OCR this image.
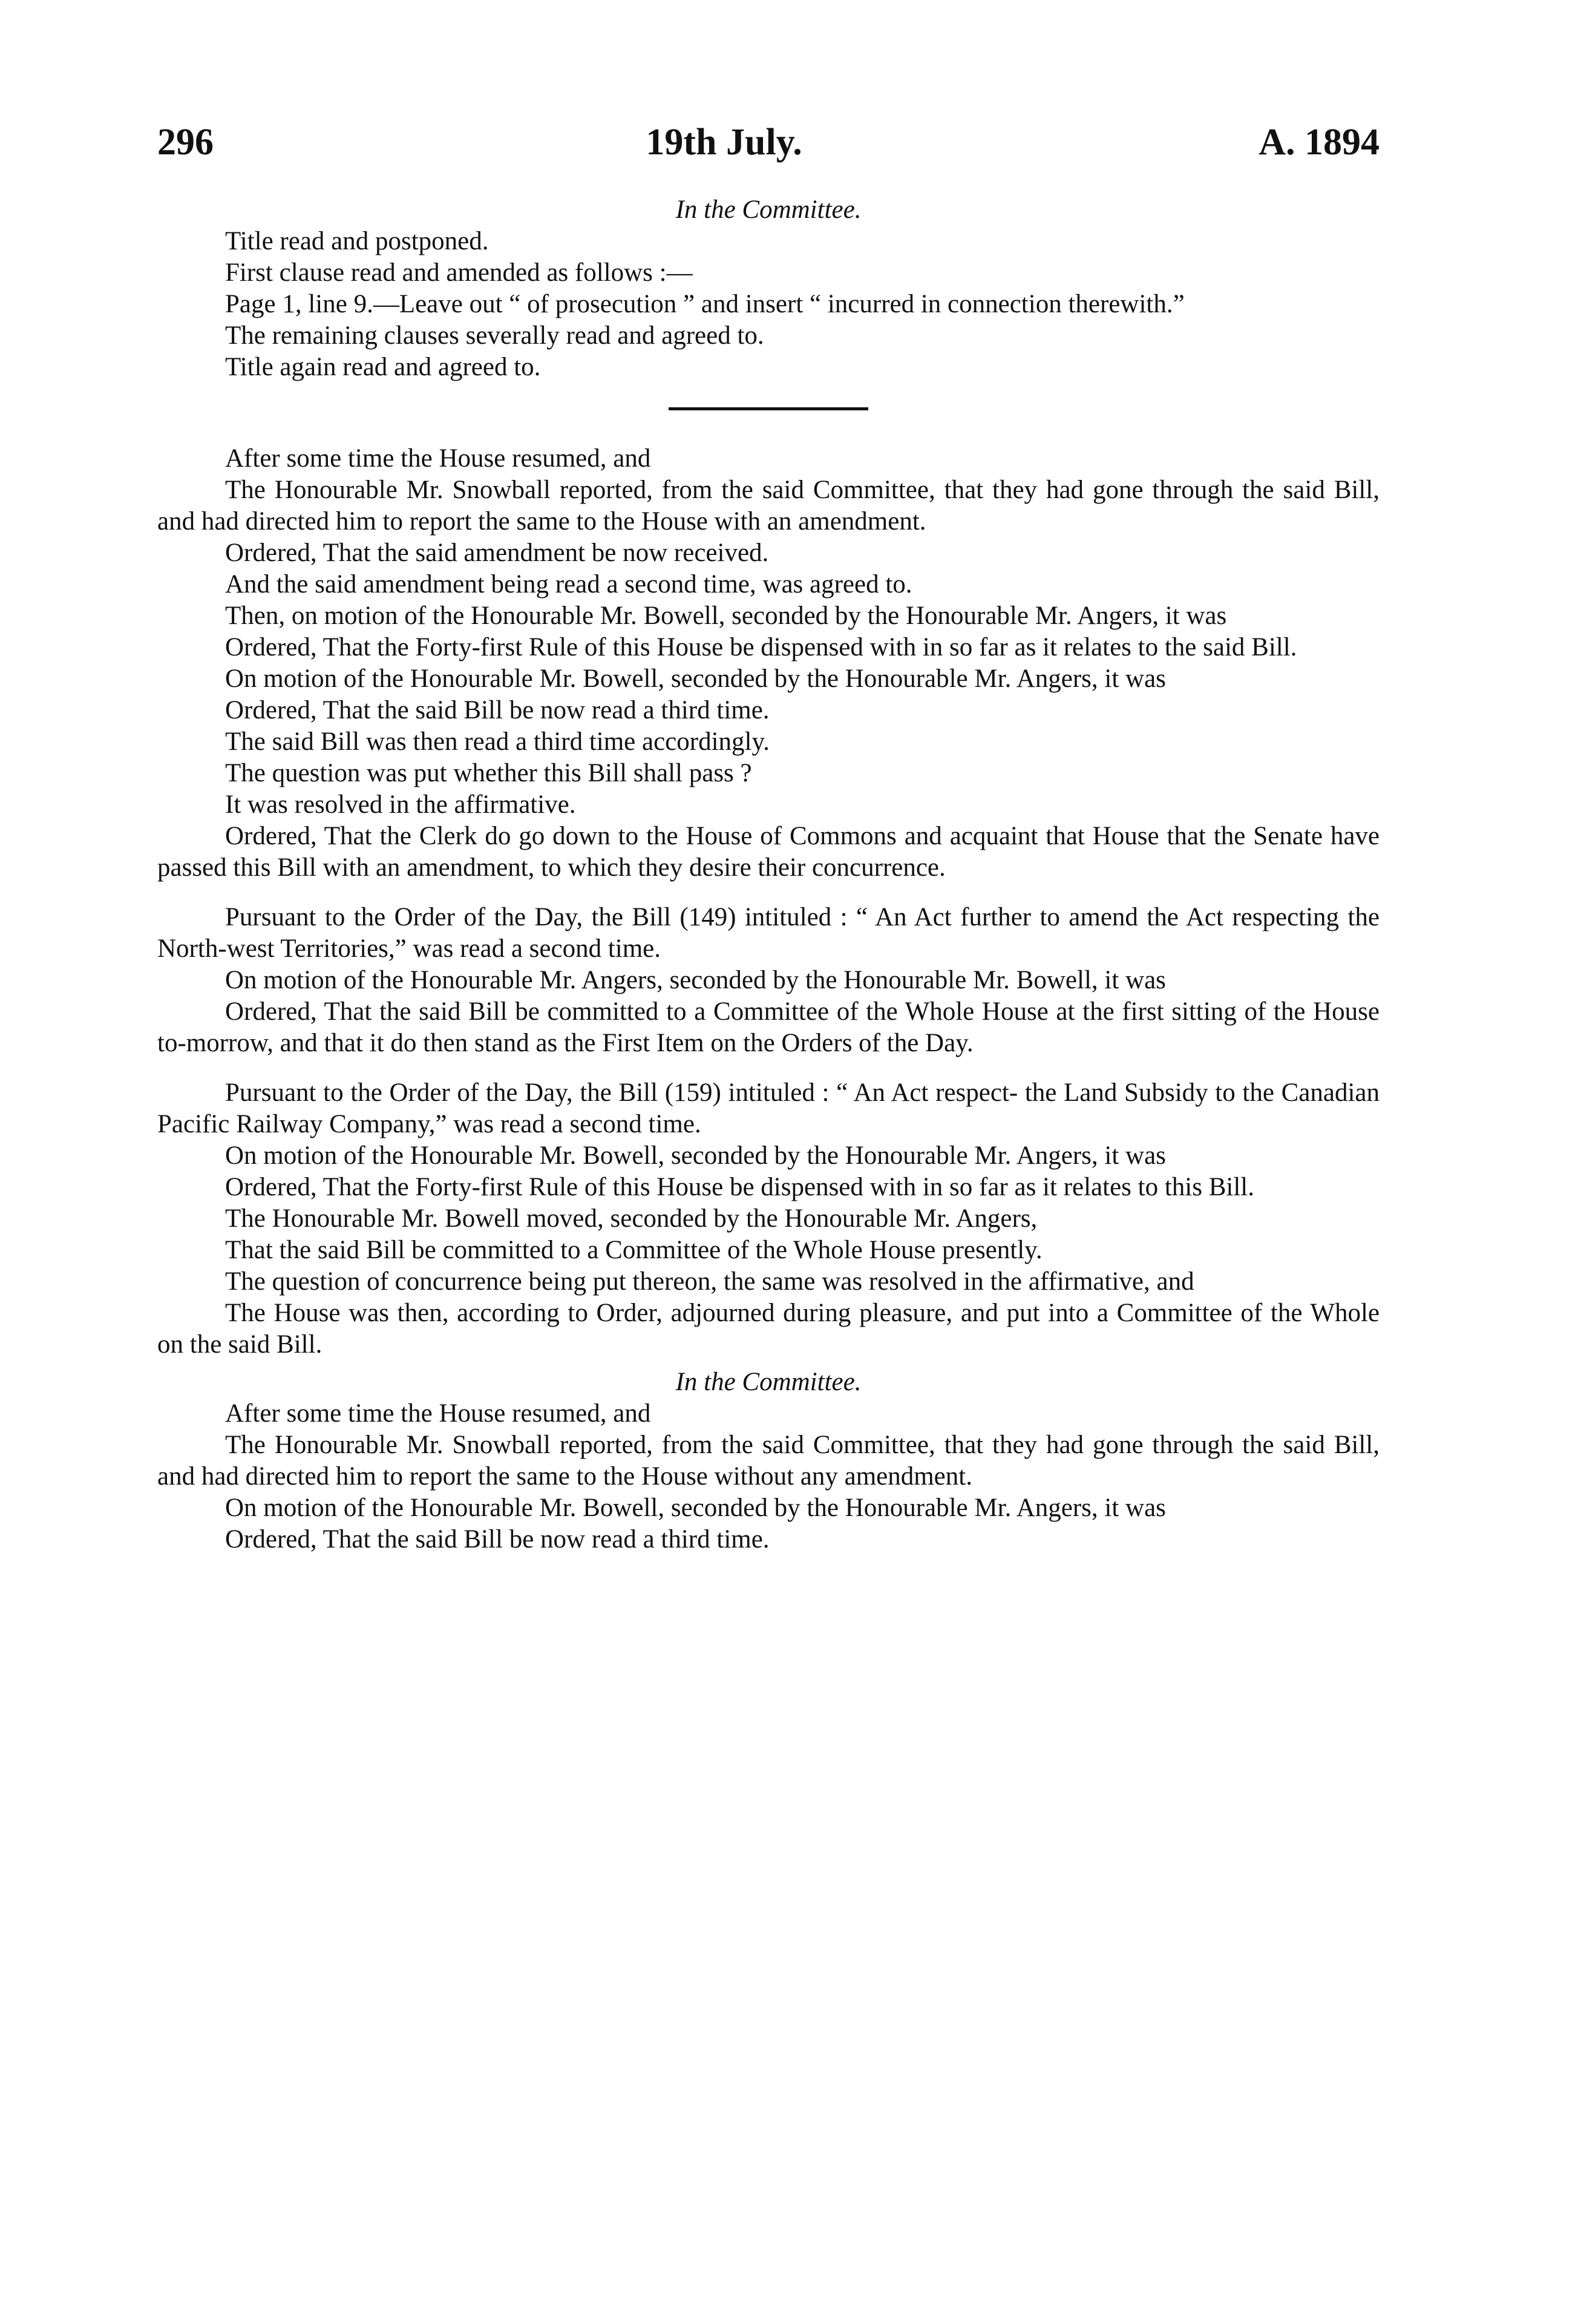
296	19th July.	A. 1894

In the Committee.

Title read and postponed.

First clause read and amended as follows :—

Page 1, line 9.—Leave out “ of prosecution ” and insert “ incurred in connection therewith.”

The remaining clauses severally read and agreed to.

Title again read and agreed to.

After some time the House resumed, and

The Honourable Mr. Snowball reported, from the said Committee, that they had gone through the said Bill, and had directed him to report the same to the House with an amendment.

Ordered, That the said amendment be now received.

And the said amendment being read a second time, was agreed to.

Then, on motion of the Honourable Mr. Bowell, seconded by the Honourable Mr. Angers, it was

Ordered, That the Forty-first Rule of this House be dispensed with in so far as it relates to the said Bill.

On motion of the Honourable Mr. Bowell, seconded by the Honourable Mr. Angers, it was

Ordered, That the said Bill be now read a third time.

The said Bill was then read a third time accordingly.

The question was put whether this Bill shall pass ?

It was resolved in the affirmative.

Ordered, That the Clerk do go down to the House of Commons and acquaint that House that the Senate have passed this Bill with an amendment, to which they desire their concurrence.

Pursuant to the Order of the Day, the Bill (149) intituled : “ An Act further to amend the Act respecting the North-west Territories,” was read a second time.

On motion of the Honourable Mr. Angers, seconded by the Honourable Mr. Bowell, it was

Ordered, That the said Bill be committed to a Committee of the Whole House at the first sitting of the House to-morrow, and that it do then stand as the First Item on the Orders of the Day.

Pursuant to the Order of the Day, the Bill (159) intituled : “ An Act respect- the Land Subsidy to the Canadian Pacific Railway Company,” was read a second time.

On motion of the Honourable Mr. Bowell, seconded by the Honourable Mr. Angers, it was

Ordered, That the Forty-first Rule of this House be dispensed with in so far as it relates to this Bill.

The Honourable Mr. Bowell moved, seconded by the Honourable Mr. Angers,

That the said Bill be committed to a Committee of the Whole House presently.

The question of concurrence being put thereon, the same was resolved in the affirmative, and

The House was then, according to Order, adjourned during pleasure, and put into a Committee of the Whole on the said Bill.

In the Committee.

After some time the House resumed, and

The Honourable Mr. Snowball reported, from the said Committee, that they had gone through the said Bill, and had directed him to report the same to the House without any amendment.

On motion of the Honourable Mr. Bowell, seconded by the Honourable Mr. Angers, it was

Ordered, That the said Bill be now read a third time.
